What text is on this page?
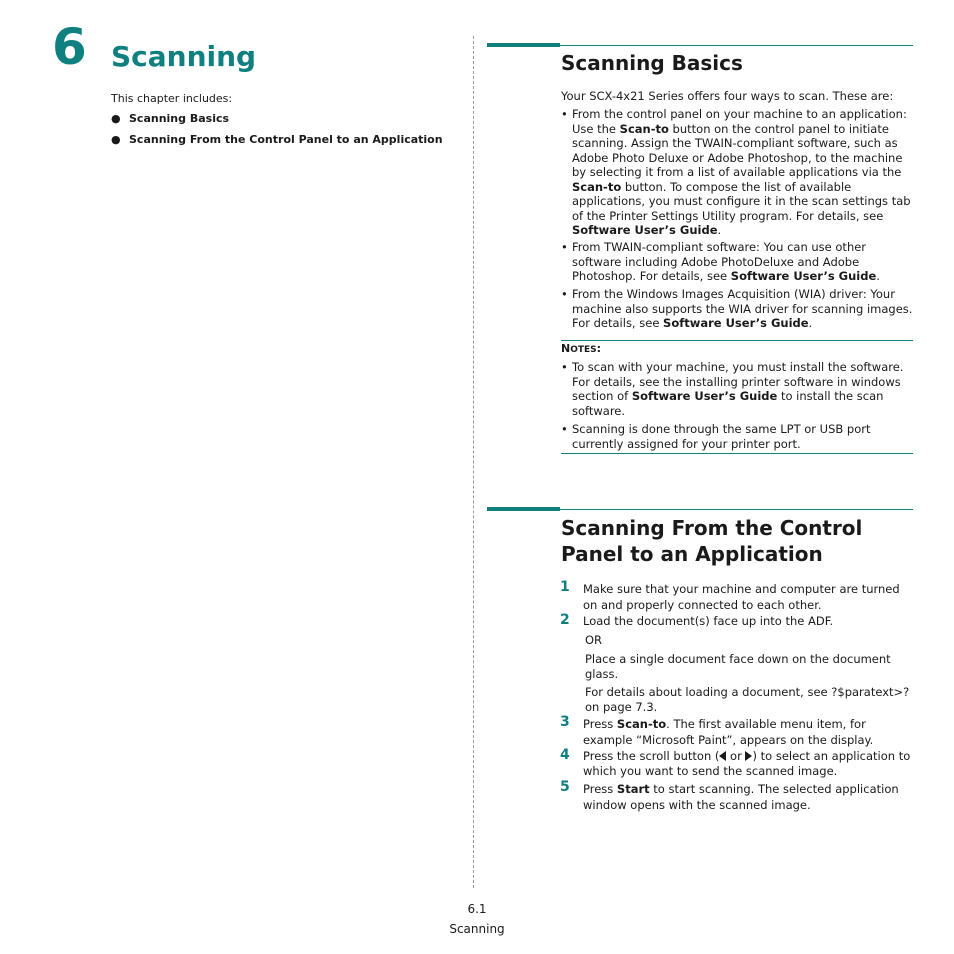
6 Scanning
This chapter includes:
● Scanning Basics
● Scanning From the Control Panel to an Application
Scanning Basics
Your SCX-4x21 Series offers four ways to scan. These are:
• From the control panel on your machine to an application: Use the Scan-to button on the control panel to initiate scanning. Assign the TWAIN-compliant software, such as Adobe Photo Deluxe or Adobe Photoshop, to the machine by selecting it from a list of available applications via the Scan-to button. To compose the list of available applications, you must configure it in the scan settings tab of the Printer Settings Utility program. For details, see Software User’s Guide.
• From TWAIN-compliant software: You can use other software including Adobe PhotoDeluxe and Adobe Photoshop. For details, see Software User’s Guide.
• From the Windows Images Acquisition (WIA) driver: Your machine also supports the WIA driver for scanning images. For details, see Software User’s Guide.
NOTES:
• To scan with your machine, you must install the software. For details, see the installing printer software in windows section of Software User’s Guide to install the scan software.
• Scanning is done through the same LPT or USB port currently assigned for your printer port.
Scanning From the Control
Panel to an Application
1 Make sure that your machine and computer are turned on and properly connected to each other.
2 Load the document(s) face up into the ADF.
OR
Place a single document face down on the document glass.
For details about loading a document, see ?$paratext>? on page 7.3.
3 Press Scan-to. The first available menu item, for example “Microsoft Paint”, appears on the display.
4 Press the scroll button ( or ) to select an application to which you want to send the scanned image.
5 Press Start to start scanning. The selected application window opens with the scanned image.
6.1
Scanning
